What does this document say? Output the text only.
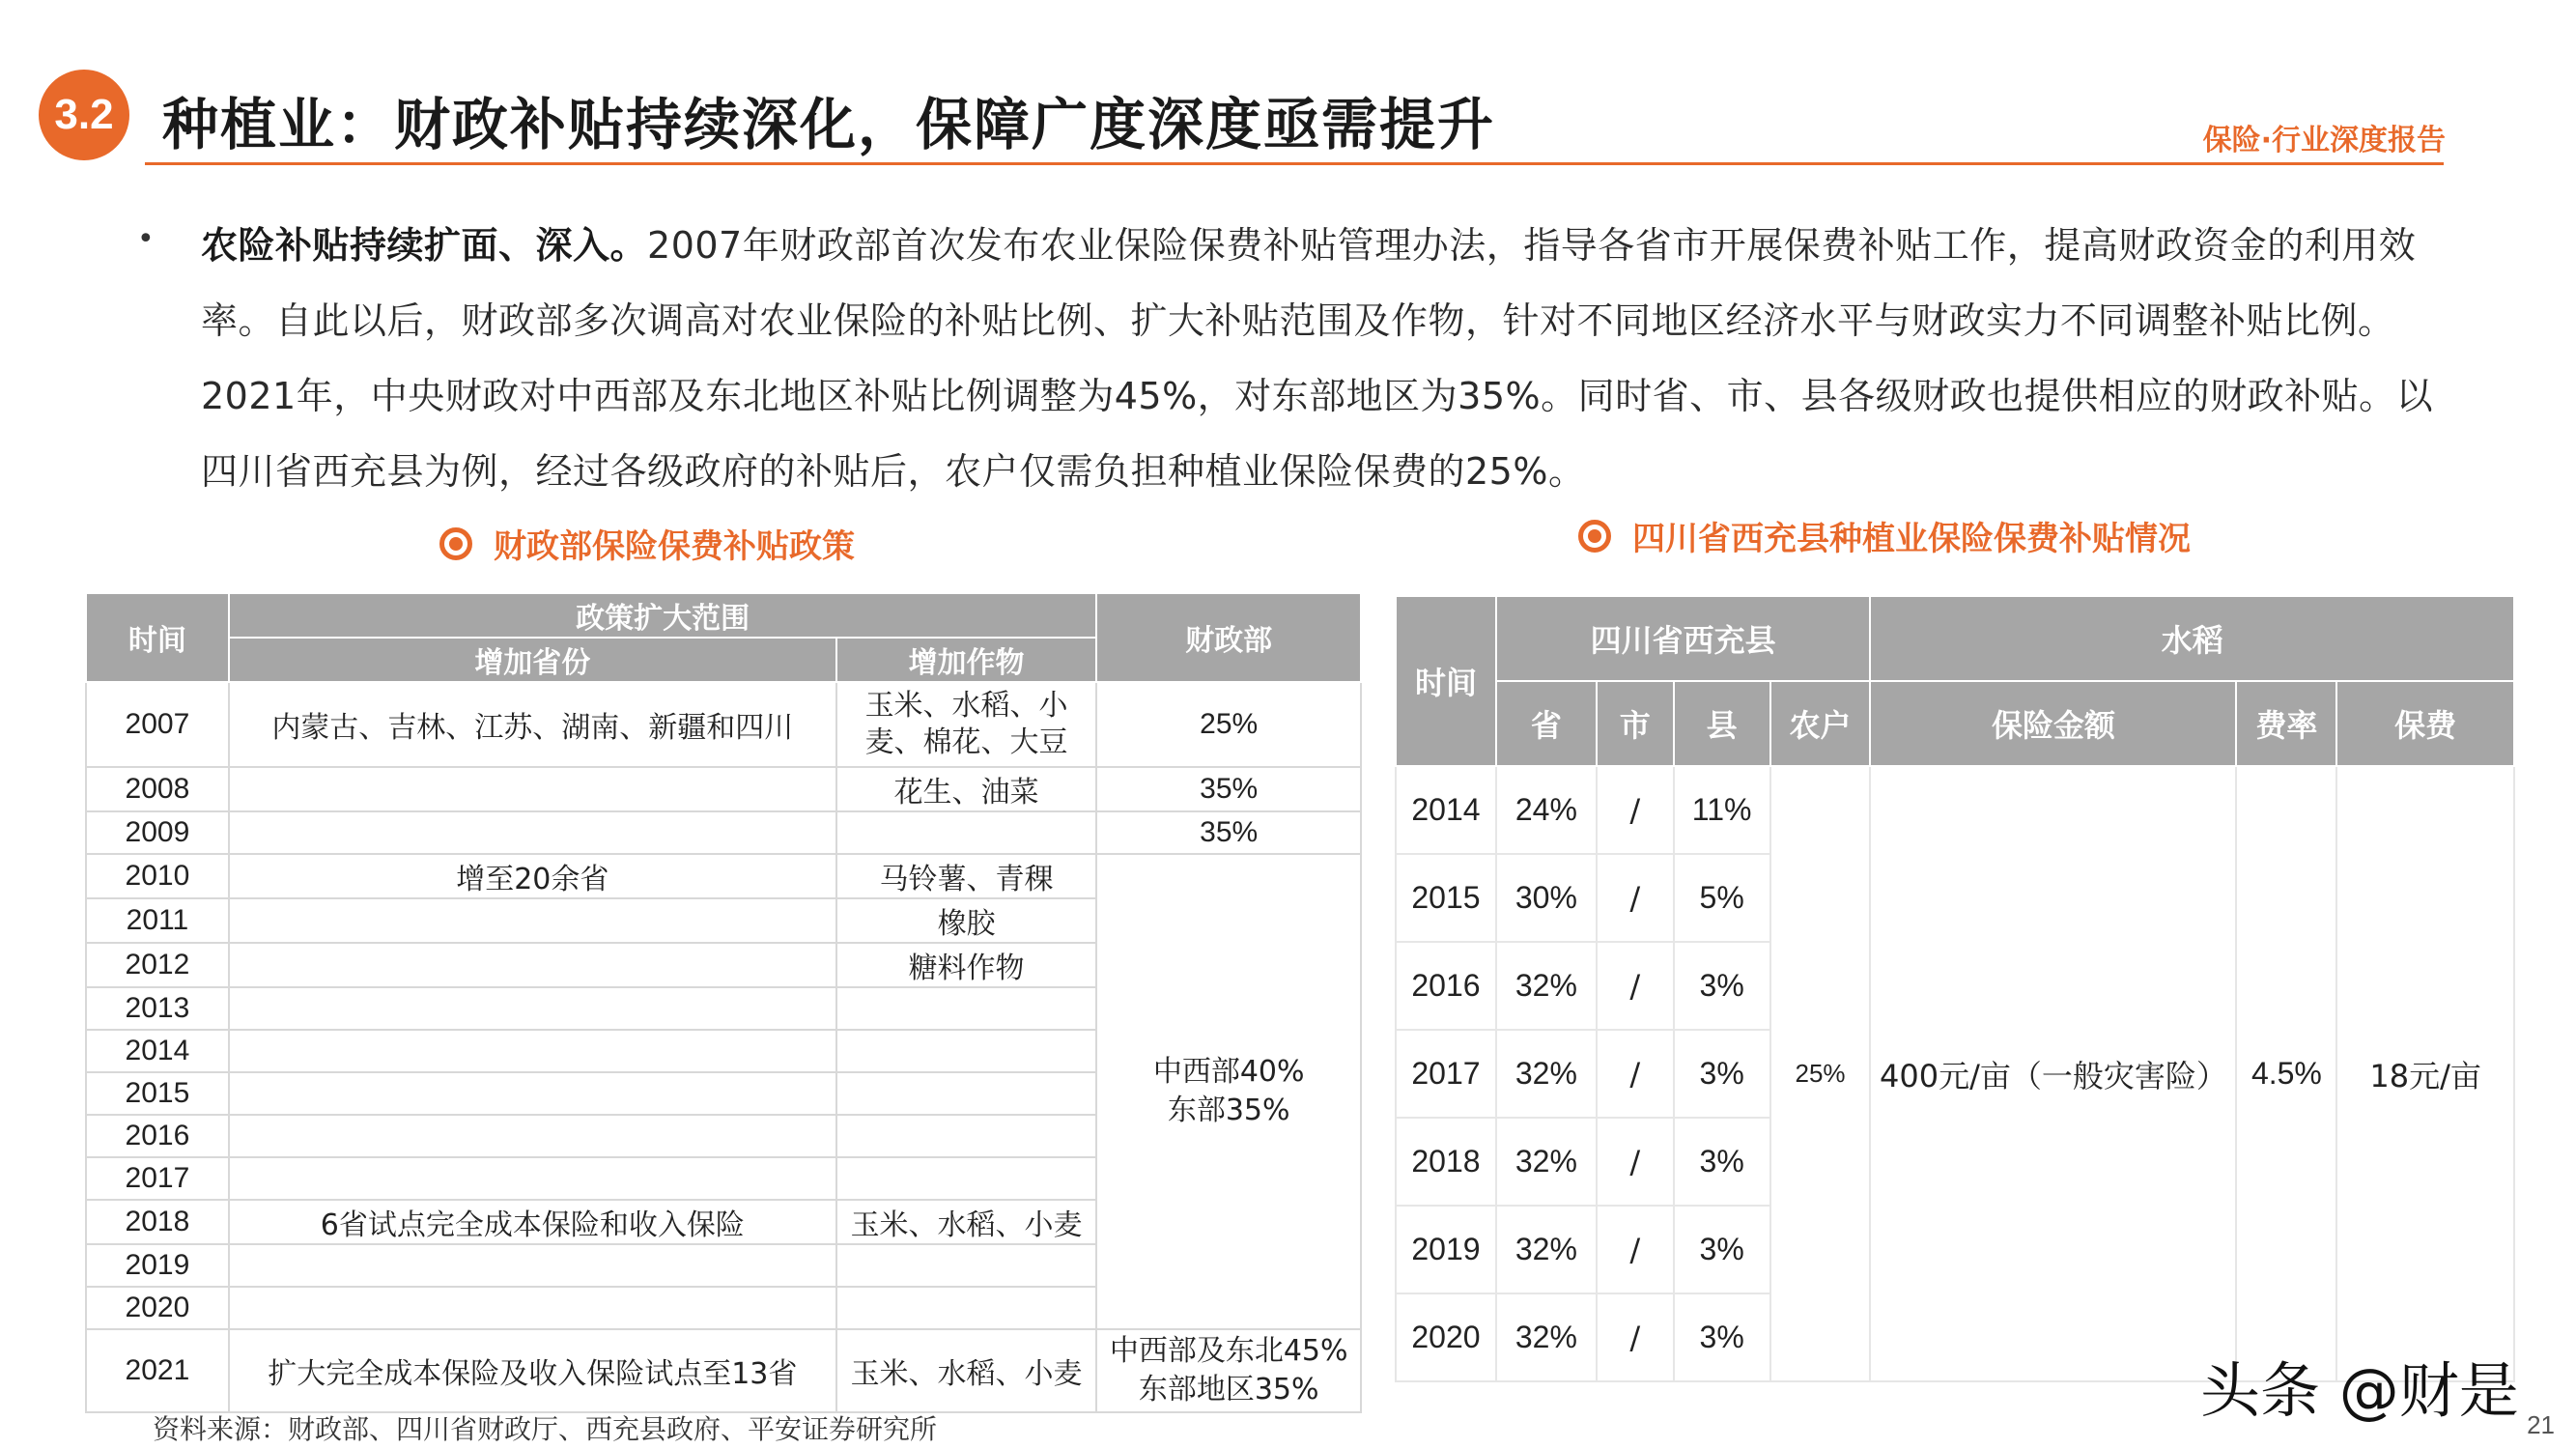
3.2 种植业：财政补贴持续深化，保障广度深度亟需提升	保险·行业深度报告
• 农险补贴持续扩面、深入。2007年财政部首次发布农业保险保费补贴管理办法，指导各省市开展保费补贴工作，提高财政资金的利用效率。自此以后，财政部多次调高对农业保险的补贴比例、扩大补贴范围及作物，针对不同地区经济水平与财政实力不同调整补贴比例。2021年，中央财政对中西部及东北地区补贴比例调整为45%，对东部地区为35%。同时省、市、县各级财政也提供相应的财政补贴。以四川省西充县为例，经过各级政府的补贴后，农户仅需负担种植业保险保费的25%。
财政部保险保费补贴政策	四川省西充县种植业保险保费补贴情况
时间	政策扩大范围		财政部
	增加省份	增加作物	
2007	内蒙古、吉林、江苏、湖南、新疆和四川	玉米、水稻、小麦、棉花、大豆	25%
2008		花生、油菜	35%
2009			35%
2010	增至20余省	马铃薯、青稞	中西部40%
东部35%
2011		橡胶	
2012		糖料作物	
2013			
2014			
2015			
2016			
2017			
2018	6省试点完全成本保险和收入保险	玉米、水稻、小麦	
2019			
2020			
2021	扩大完全成本保险及收入保险试点至13省	玉米、水稻、小麦	中西部及东北45%
东部地区35%
时间	四川省西充县				水稻		
	省	市	县	农户	保险金额	费率	保费
2014	24%	/	11%	25%	400元/亩（一般灾害险）	4.5%	18元/亩
2015	30%	/	5%				
2016	32%	/	3%				
2017	32%	/	3%				
2018	32%	/	3%				
2019	32%	/	3%				
2020	32%	/	3%				
资料来源：财政部、四川省财政厅、西充县政府、平安证券研究所
头条 @财是 21
